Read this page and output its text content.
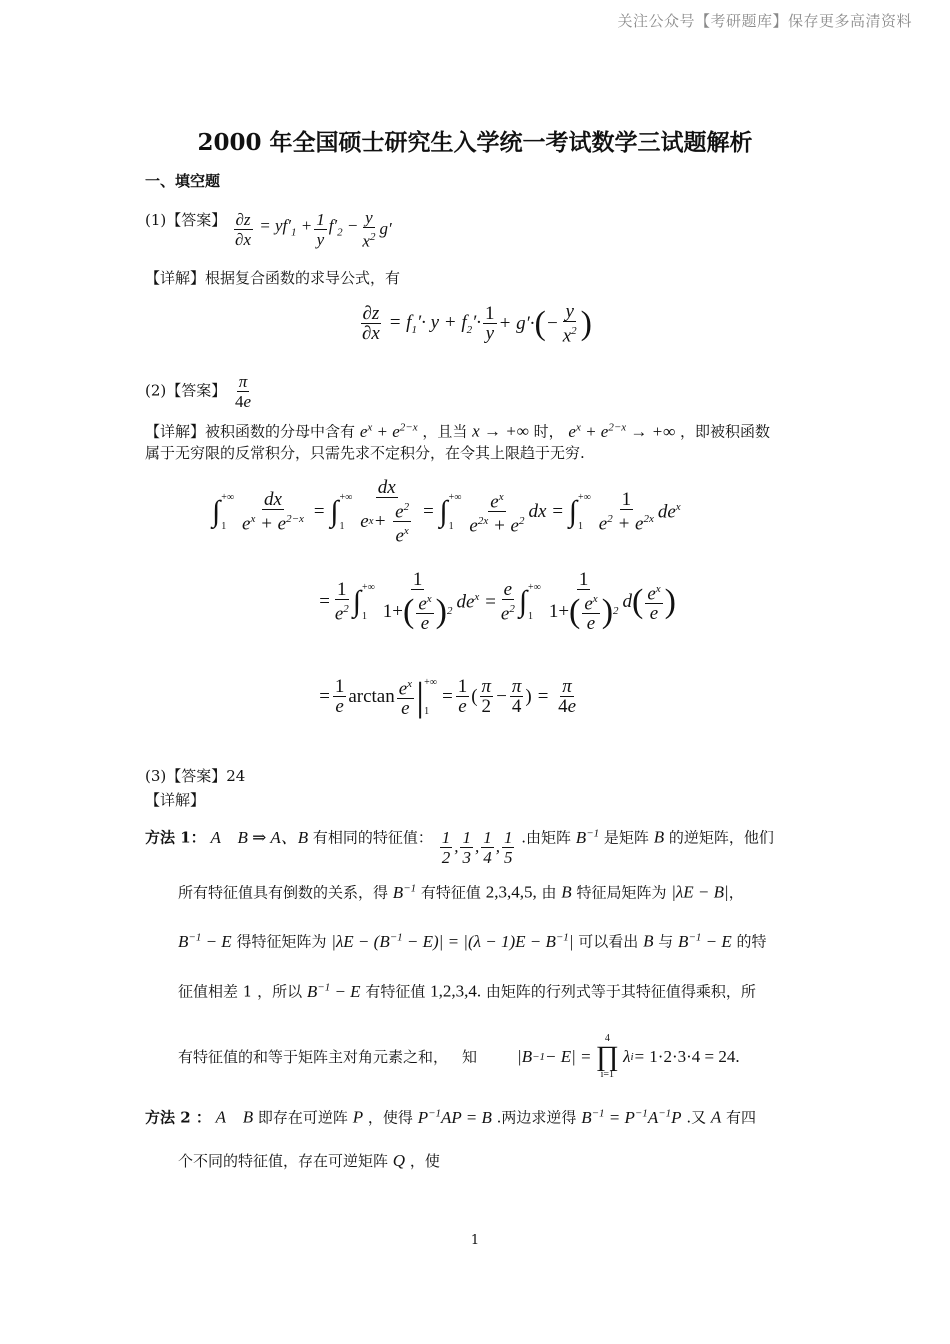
关注公众号【考研题库】保存更多高清资料
2000 年全国硕士研究生入学统一考试数学三试题解析
一、填空题
(1)【答案】 $\frac{\partial z}{\partial x} = yf'_1 + \frac{1}{y} f'_2 - \frac{y}{x^2} g'$
【详解】根据复合函数的求导公式，有
$\frac{\partial z}{\partial x} = f_1'\cdot y + f_2'\cdot \frac{1}{y} + g'\cdot$ ( − $\frac{y}{x^2}$ )
(2)【答案】 $\frac{\pi}{4e}$
【详解】被积函数的分母中含有 $e^x + e^{2-x}$ ，且当 x → +∞ 时， $e^x + e^{2-x}$ → +∞ ，即被积函数
属于无穷限的反常积分，只需先求不定积分，在令其上限趋于无穷.
∫ +∞
$1 \frac{dx}{e^x + e^{2-x}}$ = ∫ +∞
$1 \frac{dx}{e x + \frac{e^2}{e^x}}$ = ∫ +∞
$1 \frac{e^x}{e^{2x} + e^2}$ dx = ∫ +∞
$1 \frac{1}{e^2 + e^{2x}} de^x$
= $\frac{1}{e^2}$ ∫ +∞
$1 \frac{1}{1+ ( \frac{e^x}{e} ) 2} de^x = \frac{e}{e^2}$ ∫ +∞
$1 \frac{1}{1+ ( \frac{e^x}{e} ) 2}$ d ( $\frac{e^x}{e}$ )
= $\frac{1}{e}$ $\arctan \frac{e^x}{e}$ | +∞
1
= $\frac{1}{e}$ ( $\frac{\pi}{2} - \frac{\pi}{4}$ ) = $\frac{\pi}{4e}$
(3)【答案】24
【详解】
方法 1： A    B ⇒ A、B 有相同的特征值： $\frac{1}{2}$ , $\frac{1}{3}$ , $\frac{1}{4}$ , $\frac{1}{5}$ .由矩阵 $B^{-1}$ 是矩阵 B 的逆矩阵，他们
所有特征值具有倒数的关系，得 $B^{-1}$ 有特征值 2,3,4,5, 由 B 特征局矩阵为 |λE − B|，
$B^{-1} - E$ 得特征矩阵为 $|\lambda E - (B^{-1} - E)| = |(\lambda - 1)E - B^{-1}|$ 可以看出 B 与 $B^{-1} - E$ 的特
征值相差 1 ，所以 $B^{-1} - E$ 有特征值 1,2,3,4. 由矩阵的行列式等于其特征值得乘积，所
有特征值的和等于矩阵主对角元素之和， 知 |B −1 − E| =
4
∏
i=1
λ i = 1·2·3·4 = 24.
方法 2 ： A    B 即存在可逆阵 P ，使得 $P^{-1}AP = B$ .两边求逆得 $B^{-1} = P^{-1}A^{-1}P$ .又 A 有四
个不同的特征值，存在可逆矩阵 Q ，使
1
